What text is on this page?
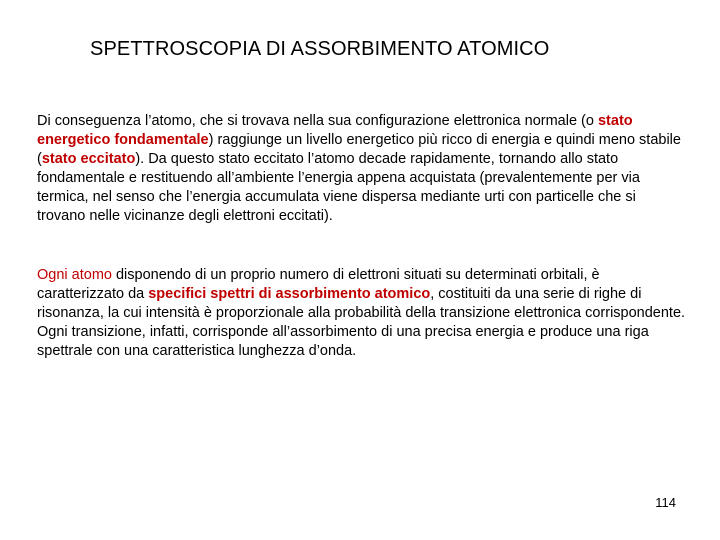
SPETTROSCOPIA DI ASSORBIMENTO ATOMICO

Di conseguenza l’atomo, che si trovava nella sua configurazione elettronica normale (o stato energetico fondamentale) raggiunge un livello energetico più ricco di energia e quindi meno stabile (stato eccitato). Da questo stato eccitato l’atomo decade rapidamente, tornando allo stato fondamentale e restituendo all’ambiente l’energia appena acquistata (prevalentemente per via termica, nel senso che l’energia accumulata viene dispersa mediante urti con particelle che si trovano nelle vicinanze degli elettroni eccitati).

Ogni atomo disponendo di un proprio numero di elettroni situati su determinati orbitali, è caratterizzato da specifici spettri di assorbimento atomico, costituiti da una serie di righe di risonanza, la cui intensità è proporzionale alla probabilità della transizione elettronica corrispondente.
Ogni transizione, infatti, corrisponde all’assorbimento di una precisa energia e produce una riga spettrale con una caratteristica lunghezza d’onda.

114
